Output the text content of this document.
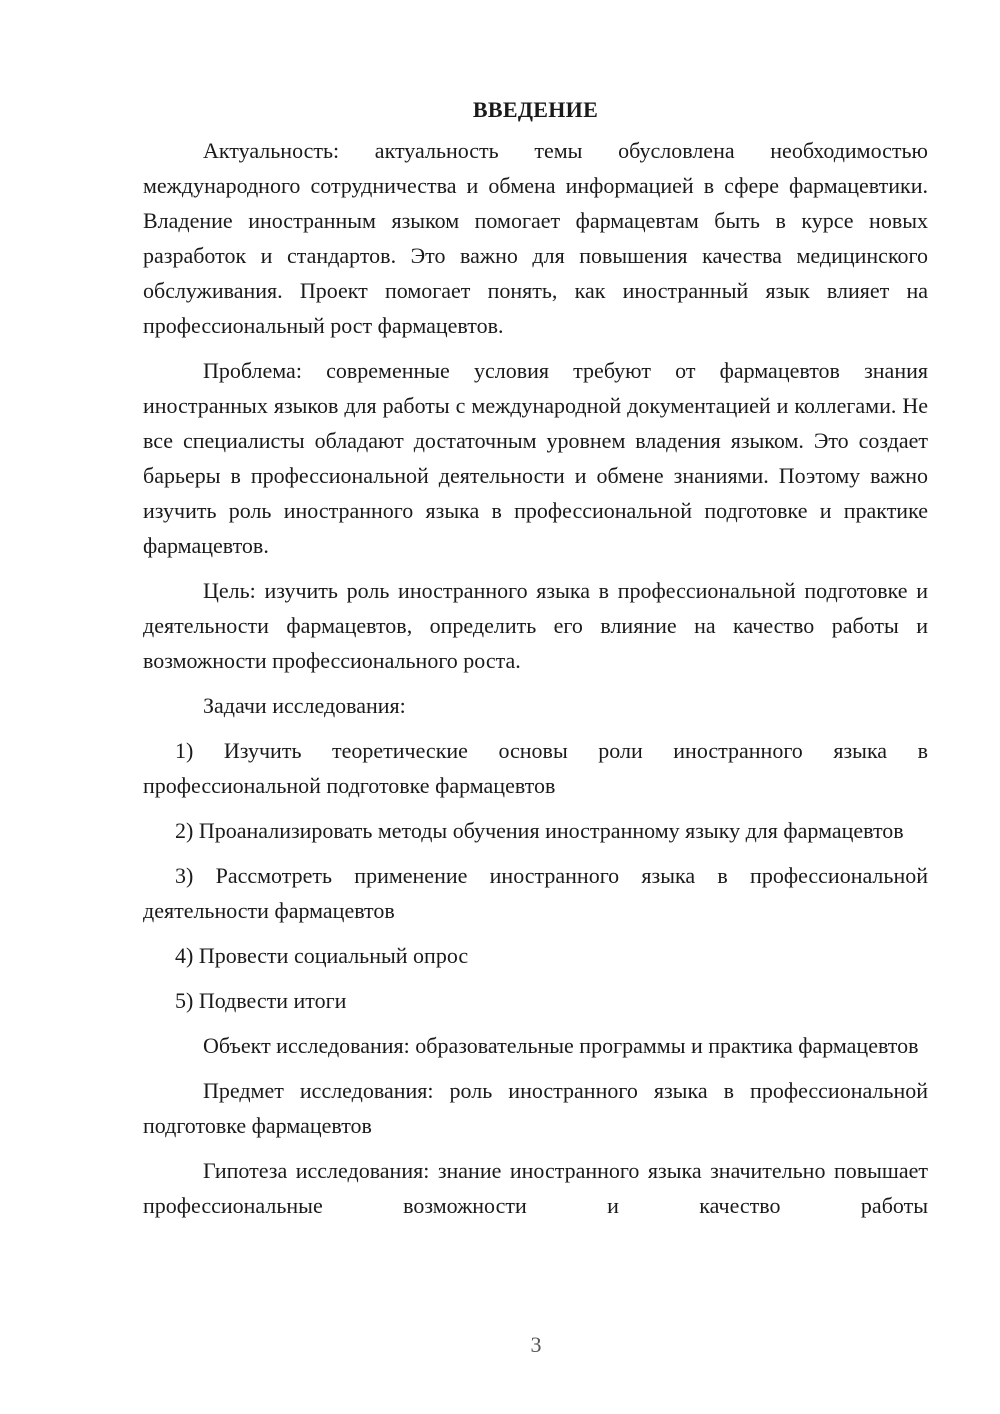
ВВЕДЕНИЕ

Актуальность: актуальность темы обусловлена необходимостью международного сотрудничества и обмена информацией в сфере фармацевтики. Владение иностранным языком помогает фармацевтам быть в курсе новых разработок и стандартов. Это важно для повышения качества медицинского обслуживания. Проект помогает понять, как иностранный язык влияет на профессиональный рост фармацевтов.

Проблема: современные условия требуют от фармацевтов знания иностранных языков для работы с международной документацией и коллегами. Не все специалисты обладают достаточным уровнем владения языком. Это создает барьеры в профессиональной деятельности и обмене знаниями. Поэтому важно изучить роль иностранного языка в профессиональной подготовке и практике фармацевтов.

Цель: изучить роль иностранного языка в профессиональной подготовке и деятельности фармацевтов, определить его влияние на качество работы и возможности профессионального роста.

Задачи исследования:

1) Изучить теоретические основы роли иностранного языка в профессиональной подготовке фармацевтов

2) Проанализировать методы обучения иностранному языку для фармацевтов

3) Рассмотреть применение иностранного языка в профессиональной деятельности фармацевтов

4) Провести социальный опрос

5) Подвести итоги

Объект исследования: образовательные программы и практика фармацевтов

Предмет исследования: роль иностранного языка в профессиональной подготовке фармацевтов

Гипотеза исследования: знание иностранного языка значительно повышает профессиональные возможности и качество работы

3
